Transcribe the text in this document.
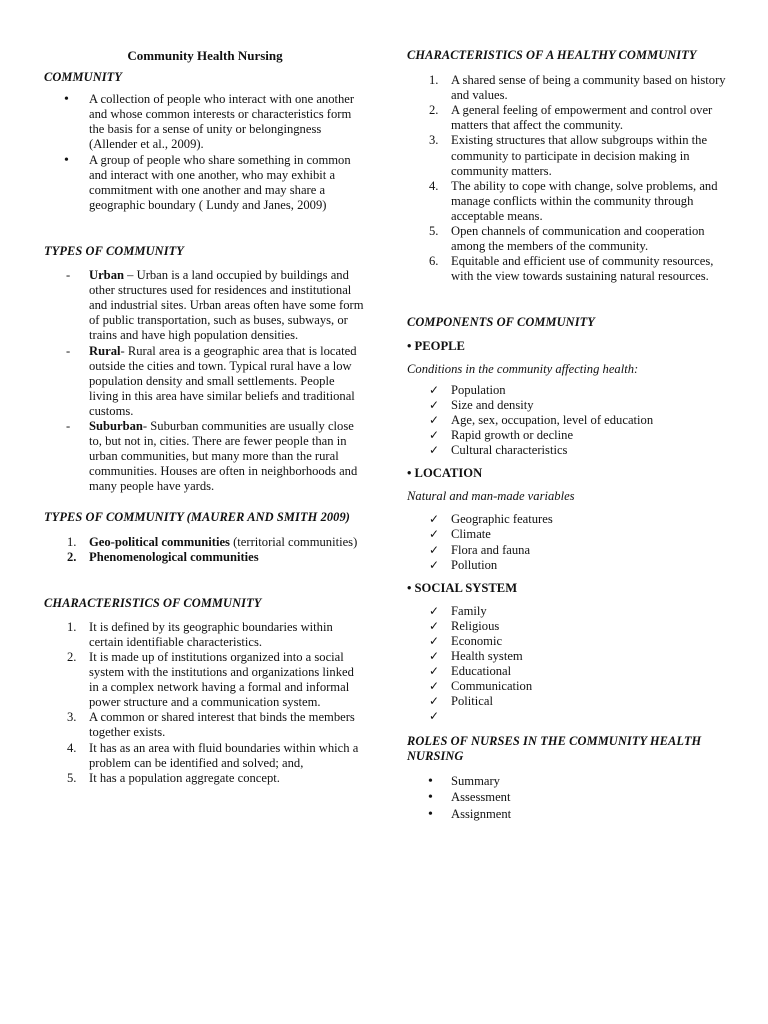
Community Health Nursing
COMMUNITY
• A collection of people who interact with one another and whose common interests or characteristics form the basis for a sense of unity or belongingness (Allender et al., 2009).
• A group of people who share something in common and interact with one another, who may exhibit a commitment with one another and may share a geographic boundary ( Lundy and Janes, 2009)
TYPES OF COMMUNITY
- Urban – Urban is a land occupied by buildings and other structures used for residences and institutional and industrial sites. Urban areas often have some form of public transportation, such as buses, subways, or trains and have high population densities.
- Rural- Rural area is a geographic area that is located outside the cities and town. Typical rural have a low population density and small settlements. People living in this area have similar beliefs and traditional customs.
- Suburban- Suburban communities are usually close to, but not in, cities. There are fewer people than in urban communities, but many more than the rural communities. Houses are often in neighborhoods and many people have yards.
TYPES OF COMMUNITY (MAURER AND SMITH 2009)
1. Geo-political communities (territorial communities)
2. Phenomenological communities
CHARACTERISTICS OF COMMUNITY
1. It is defined by its geographic boundaries within certain identifiable characteristics.
2. It is made up of institutions organized into a social system with the institutions and organizations linked in a complex network having a formal and informal power structure and a communication system.
3. A common or shared interest that binds the members together exists.
4. It has as an area with fluid boundaries within which a problem can be identified and solved; and,
5. It has a population aggregate concept.
CHARACTERISTICS OF A HEALTHY COMMUNITY
1. A shared sense of being a community based on history and values.
2. A general feeling of empowerment and control over matters that affect the community.
3. Existing structures that allow subgroups within the community to participate in decision making in community matters.
4. The ability to cope with change, solve problems, and manage conflicts within the community through acceptable means.
5. Open channels of communication and cooperation among the members of the community.
6. Equitable and efficient use of community resources, with the view towards sustaining natural resources.
COMPONENTS OF COMMUNITY
• PEOPLE
Conditions in the community affecting health:
✓ Population
✓ Size and density
✓ Age, sex, occupation, level of education
✓ Rapid growth or decline
✓ Cultural characteristics
• LOCATION
Natural and man-made variables
✓ Geographic features
✓ Climate
✓ Flora and fauna
✓ Pollution
• SOCIAL SYSTEM
✓ Family
✓ Religious
✓ Economic
✓ Health system
✓ Educational
✓ Communication
✓ Political
✓
ROLES OF NURSES IN THE COMMUNITY HEALTH NURSING
• Summary
• Assessment
• Assignment
